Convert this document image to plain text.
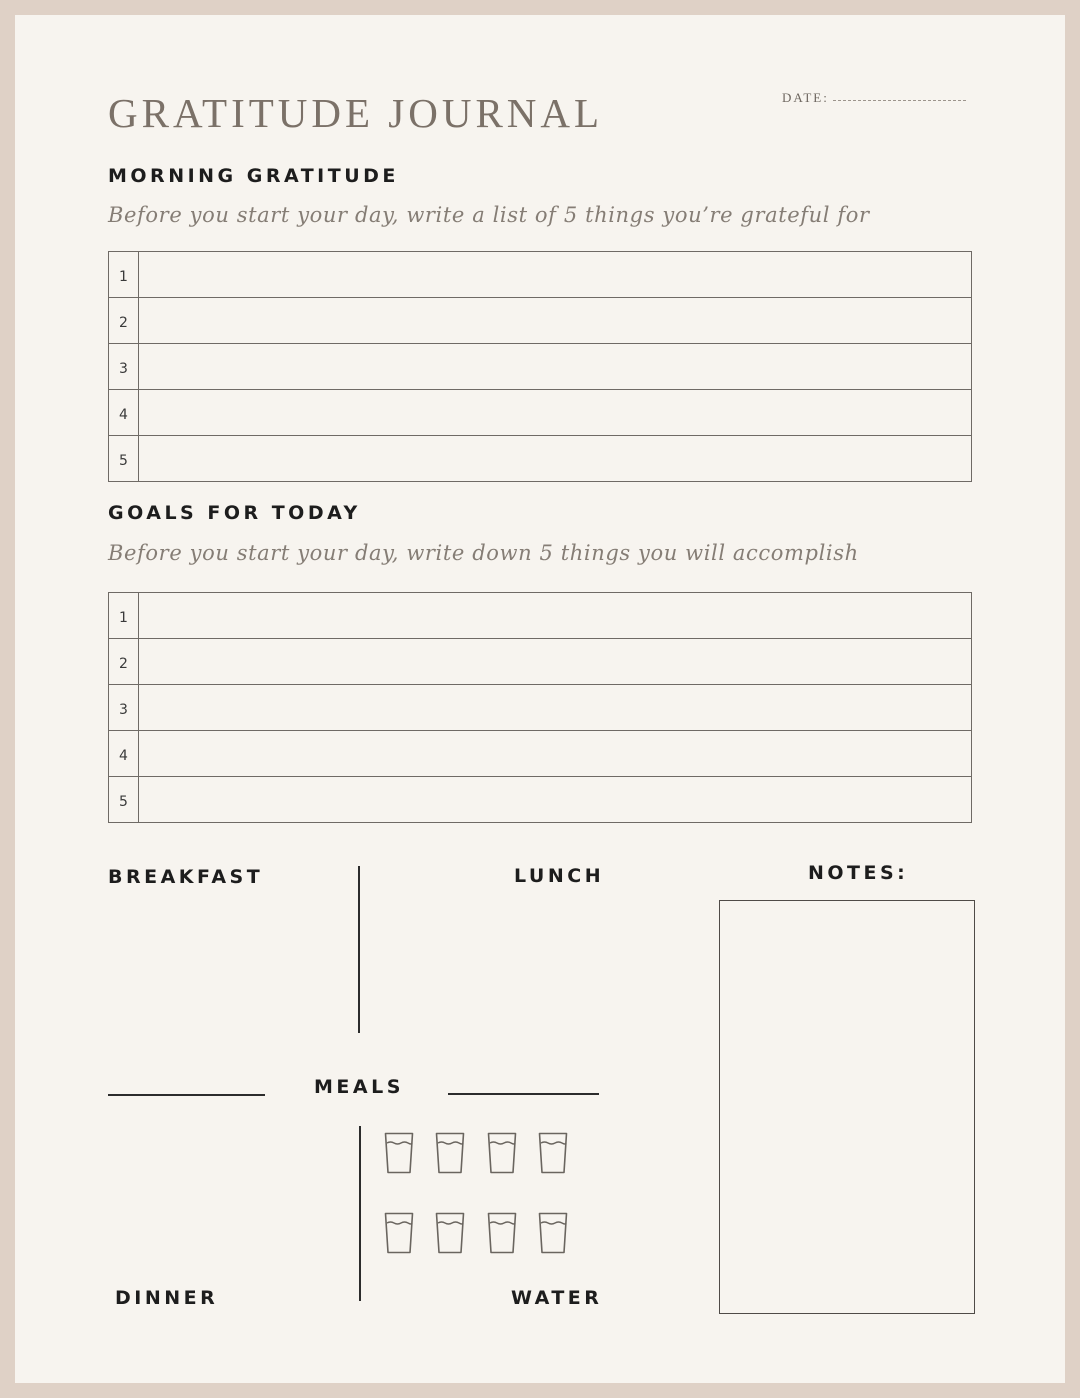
GRATITUDE JOURNAL	DATE:
MORNING GRATITUDE
Before you start your day, write a list of 5 things you’re grateful for
1
2
3
4
5
GOALS FOR TODAY
Before you start your day, write down 5 things you will accomplish
1
2
3
4
5
BREAKFAST	LUNCH
MEALS
DINNER	WATER
NOTES:
